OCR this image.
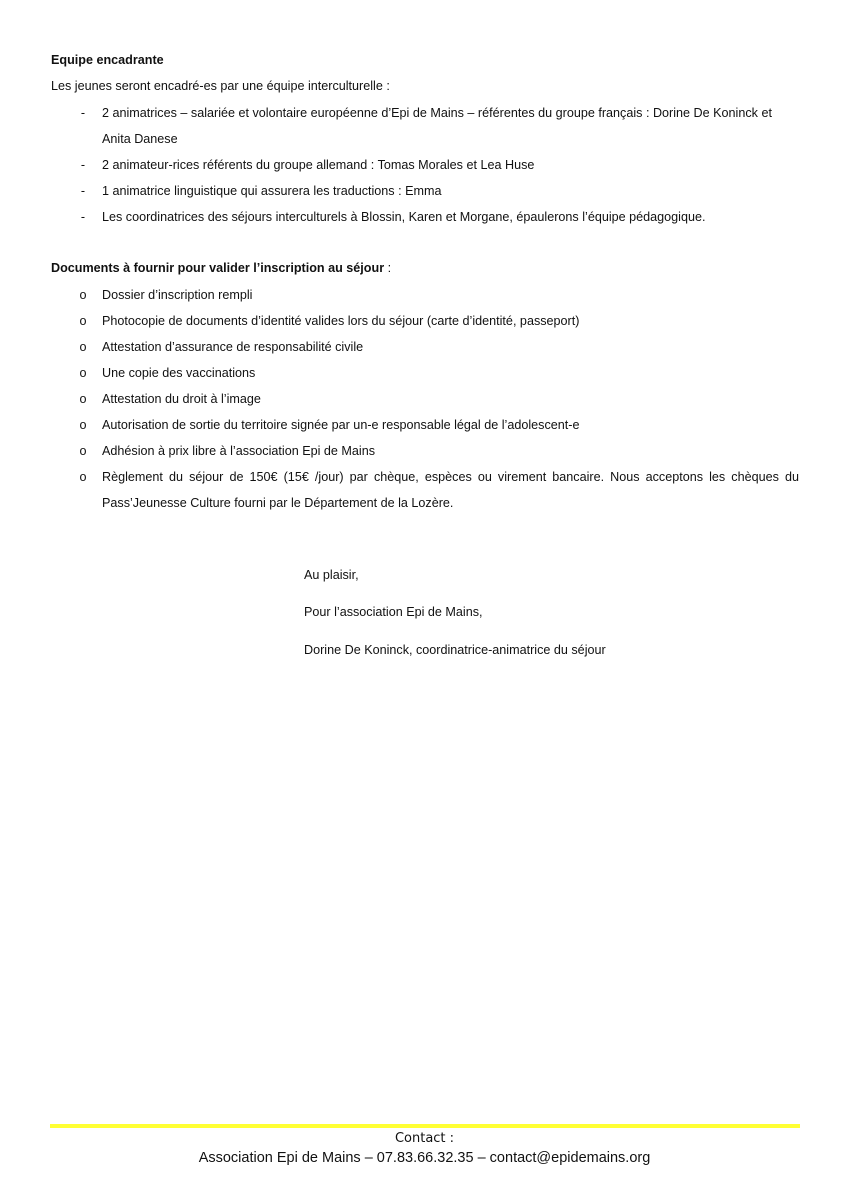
Equipe encadrante
Les jeunes seront encadré-es par une équipe interculturelle :
-	2 animatrices – salariée et volontaire européenne d’Epi de Mains – référentes du groupe français : Dorine De Koninck et Anita Danese
-	2 animateur-rices référents du groupe allemand : Tomas Morales et Lea Huse
-	1 animatrice linguistique qui assurera les traductions : Emma
-	Les coordinatrices des séjours interculturels à Blossin, Karen et Morgane, épaulerons l’équipe pédagogique.
Documents à fournir pour valider l’inscription au séjour :
o Dossier d’inscription rempli
o Photocopie de documents d’identité valides lors du séjour (carte d’identité, passeport)
o Attestation d’assurance de responsabilité civile
o Une copie des vaccinations
o Attestation du droit à l’image
o Autorisation de sortie du territoire signée par un-e responsable légal de l’adolescent-e
o Adhésion à prix libre à l’association Epi de Mains
o Règlement du séjour de 150€ (15€ /jour) par chèque, espèces ou virement bancaire. Nous acceptons les chèques du Pass’Jeunesse Culture fourni par le Département de la Lozère.
Au plaisir,
Pour l’association Epi de Mains,
Dorine De Koninck, coordinatrice-animatrice du séjour
Contact :
Association Epi de Mains – 07.83.66.32.35 – contact@epidemains.org
